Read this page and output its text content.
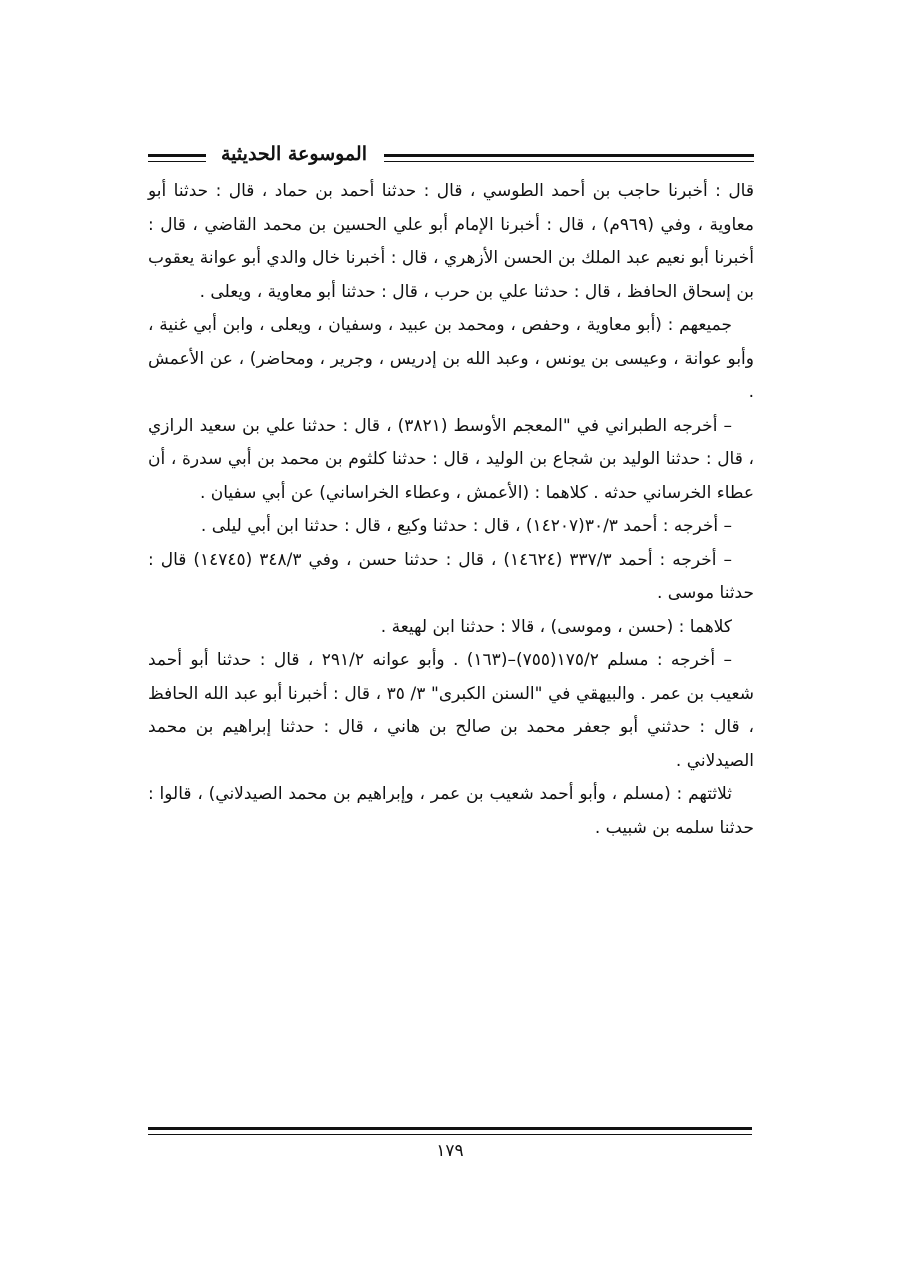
الموسوعة الحديثية

قال : أخبرنا حاجب بن أحمد الطوسي ، قال : حدثنا أحمد بن حماد ، قال : حدثنا أبو معاوية ، وفي (٩٦٩م) ، قال : أخبرنا الإمام أبو علي الحسين بن محمد القاضي ، قال : أخبرنا أبو نعيم عبد الملك بن الحسن الأزهري ، قال : أخبرنا خال والدي أبو عوانة يعقوب بن إسحاق الحافظ ، قال : حدثنا علي بن حرب ، قال : حدثنا أبو معاوية ، ويعلى .

جميعهم : (أبو معاوية ، وحفص ، ومحمد بن عبيد ، وسفيان ، ويعلى ، وابن أبي غنية ، وأبو عوانة ، وعيسى بن يونس ، وعبد الله بن إدريس ، وجرير ، ومحاضر) ، عن الأعمش .

– أخرجه الطبراني في "المعجم الأوسط (٣٨٢١) ، قال : حدثنا علي بن سعيد الرازي ، قال : حدثنا الوليد بن شجاع بن الوليد ، قال : حدثنا كلثوم بن محمد بن أبي سدرة ، أن عطاء الخرساني حدثه . كلاهما : (الأعمش ، وعطاء الخراساني) عن أبي سفيان .

– أخرجه : أحمد ٣٠/٣(١٤٢٠٧) ، قال : حدثنا وكيع ، قال : حدثنا ابن أبي ليلى .

– أخرجه : أحمد ٣٣٧/٣ (١٤٦٢٤) ، قال : حدثنا حسن ، وفي ٣٤٨/٣ (١٤٧٤٥) قال : حدثنا موسى .

كلاهما : (حسن ، وموسى) ، قالا : حدثنا ابن لهيعة .

– أخرجه : مسلم ١٧٥/٢(٧٥٥)–(١٦٣) . وأبو عوانه ٢٩١/٢ ، قال : حدثنا أبو أحمد شعيب بن عمر . والبيهقي في "السنن الكبرى" ٣/ ٣٥ ، قال : أخبرنا أبو عبد الله الحافظ ، قال : حدثني أبو جعفر محمد بن صالح بن هاني ، قال : حدثنا إبراهيم بن محمد الصيدلاني .

ثلاثتهم : (مسلم ، وأبو أحمد شعيب بن عمر ، وإبراهيم بن محمد الصيدلاني) ، قالوا : حدثنا سلمه بن شبيب .

١٧٩
